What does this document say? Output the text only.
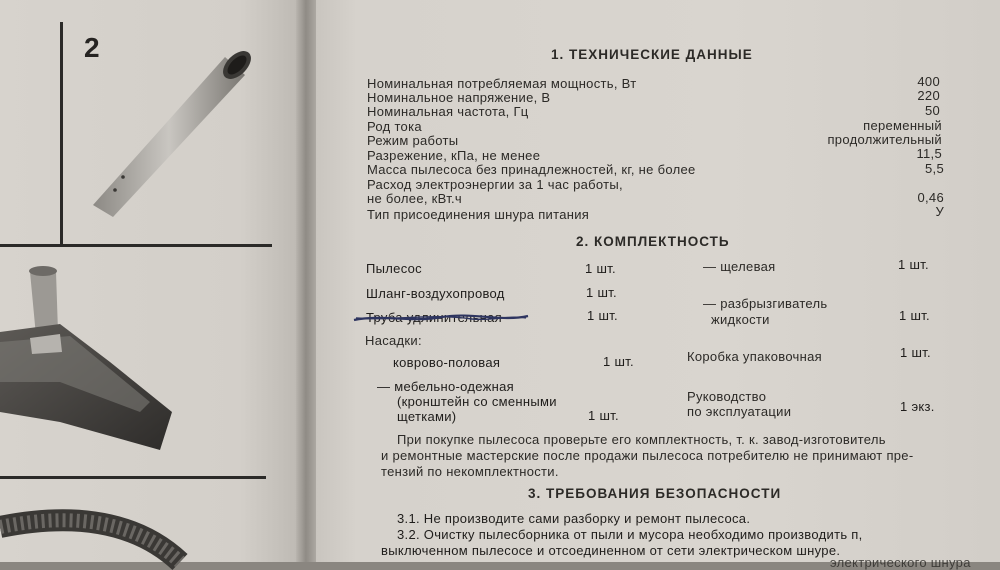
2	1. ТЕХНИЧЕСКИЕ ДАННЫЕ
Номинальная потребляемая мощность, Вт	400
Номинальное напряжение, В	220
Номинальная частота, Гц	50
Род тока	переменный
Режим работы	продолжительный
Разрежение, кПа, не менее	11,5
Масса пылесоса без принадлежностей, кг, не более	5,5
Расход электроэнергии за 1 час работы,
не более, кВт.ч	0,46
Тип присоединения шнура питания	У
2. КОМПЛЕКТНОСТЬ
Пылесос	1 шт.
Шланг-воздухопровод	1 шт.
Труба удлинительная	1 шт.
Насадки:
коврово-половая	1 шт.
— мебельно-одежная
(кронштейн со сменными
щетками)	1 шт.
— щелевая	1 шт.
— разбрызгиватель
жидкости	1 шт.
Коробка упаковочная	1 шт.
Руководство
по эксплуатации	1 экз.
При покупке пылесоса проверьте его комплектность, т. к. завод-изготовитель
и ремонтные мастерские после продажи пылесоса потребителю не принимают пре-
тензий по некомплектности.
3. ТРЕБОВАНИЯ БЕЗОПАСНОСТИ
3.1. Не производите сами разборку и ремонт пылесоса.
3.2. Очистку пылесборника от пыли и мусора необходимо производить п,
выключенном пылесосе и отсоединенном от сети электрическом шнуре.
электрического шнура
